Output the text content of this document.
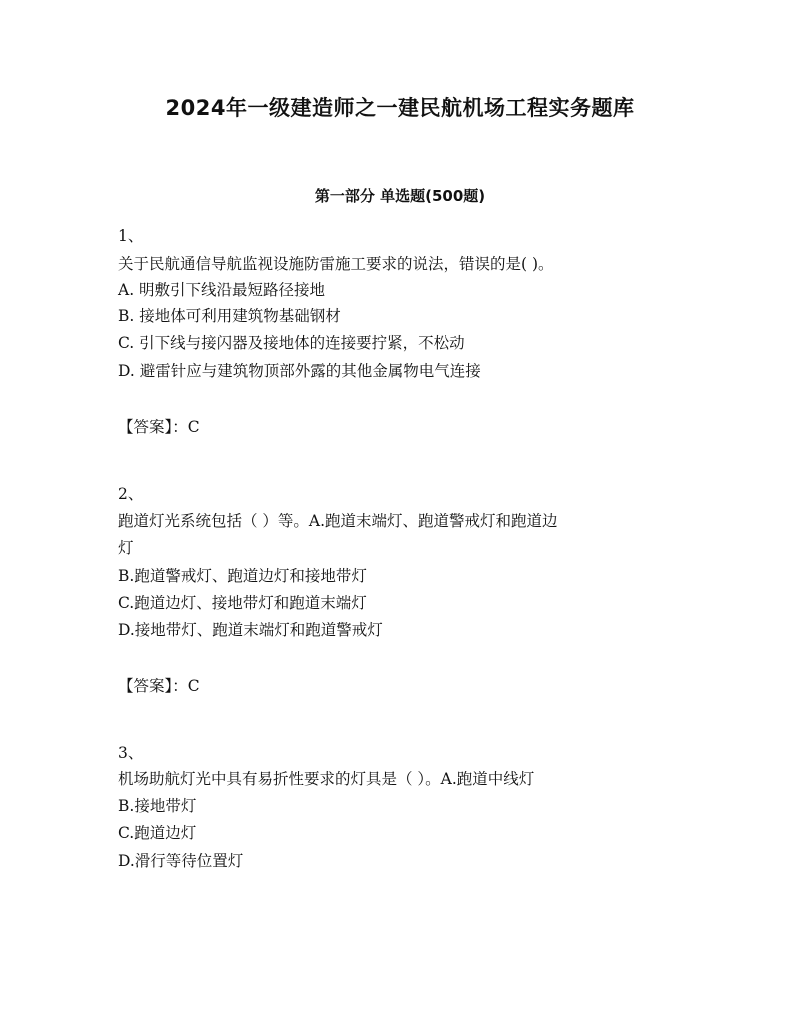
2024年一级建造师之一建民航机场工程实务题库
第一部分 单选题(500题)
1、
关于民航通信导航监视设施防雷施工要求的说法，错误的是( )。
A. 明敷引下线沿最短路径接地
B. 接地体可利用建筑物基础钢材
C. 引下线与接闪器及接地体的连接要拧紧，不松动
D. 避雷针应与建筑物顶部外露的其他金属物电气连接
【答案】：C
2、
跑道灯光系统包括（ ）等。A.跑道末端灯、跑道警戒灯和跑道边
灯
B.跑道警戒灯、跑道边灯和接地带灯
C.跑道边灯、接地带灯和跑道末端灯
D.接地带灯、跑道末端灯和跑道警戒灯
【答案】：C
3、
机场助航灯光中具有易折性要求的灯具是（ ）。A.跑道中线灯
B.接地带灯
C.跑道边灯
D.滑行等待位置灯
